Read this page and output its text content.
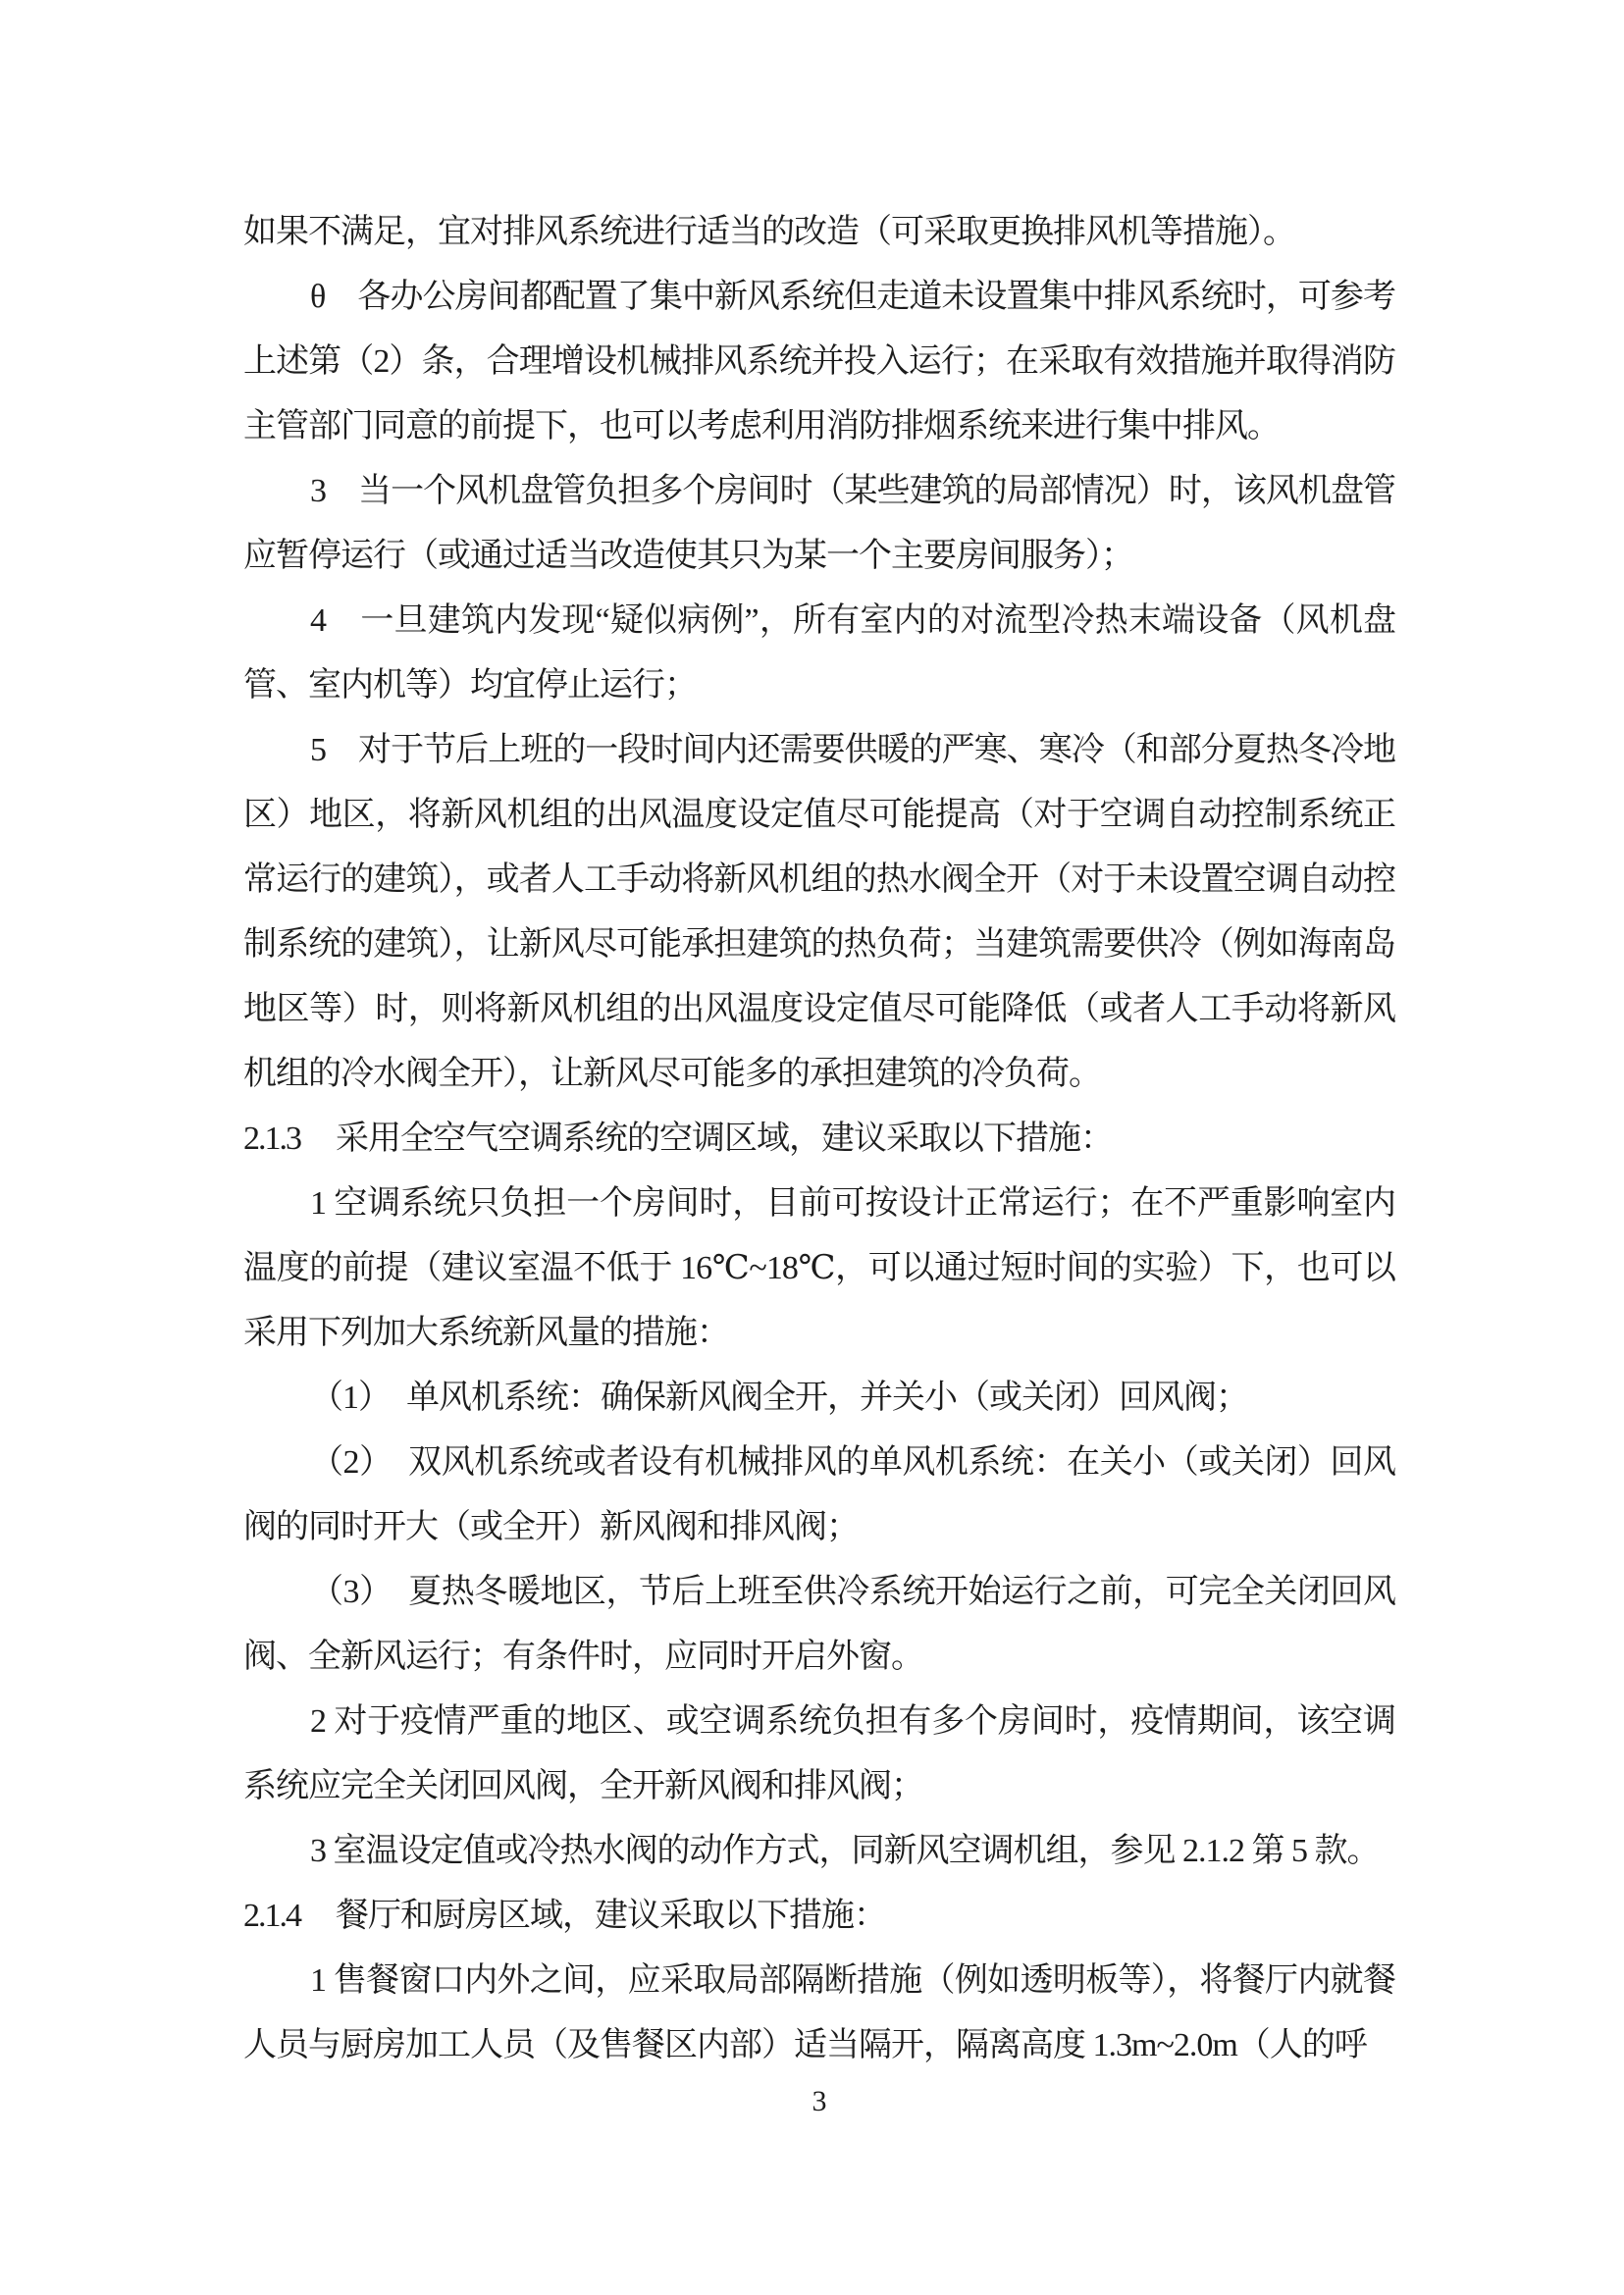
如果不满足，宜对排风系统进行适当的改造（可采取更换排风机等措施）。

θ　各办公房间都配置了集中新风系统但走道未设置集中排风系统时，可参考上述第（2）条，合理增设机械排风系统并投入运行；在采取有效措施并取得消防主管部门同意的前提下，也可以考虑利用消防排烟系统来进行集中排风。

3　当一个风机盘管负担多个房间时（某些建筑的局部情况）时，该风机盘管应暂停运行（或通过适当改造使其只为某一个主要房间服务）；

4　一旦建筑内发现“疑似病例”，所有室内的对流型冷热末端设备（风机盘管、室内机等）均宜停止运行；

5　对于节后上班的一段时间内还需要供暖的严寒、寒冷（和部分夏热冬冷地区）地区，将新风机组的出风温度设定值尽可能提高（对于空调自动控制系统正常运行的建筑），或者人工手动将新风机组的热水阀全开（对于未设置空调自动控制系统的建筑），让新风尽可能承担建筑的热负荷；当建筑需要供冷（例如海南岛地区等）时，则将新风机组的出风温度设定值尽可能降低（或者人工手动将新风机组的冷水阀全开），让新风尽可能多的承担建筑的冷负荷。

2.1.3 采用全空气空调系统的空调区域，建议采取以下措施：

1 空调系统只负担一个房间时，目前可按设计正常运行；在不严重影响室内温度的前提（建议室温不低于 16℃~18℃，可以通过短时间的实验）下，也可以采用下列加大系统新风量的措施：

（1）　单风机系统：确保新风阀全开，并关小（或关闭）回风阀；

（2）　双风机系统或者设有机械排风的单风机系统：在关小（或关闭）回风阀的同时开大（或全开）新风阀和排风阀；

（3）　夏热冬暖地区，节后上班至供冷系统开始运行之前，可完全关闭回风阀、全新风运行；有条件时，应同时开启外窗。

2 对于疫情严重的地区、或空调系统负担有多个房间时，疫情期间，该空调系统应完全关闭回风阀，全开新风阀和排风阀；

3 室温设定值或冷热水阀的动作方式，同新风空调机组，参见 2.1.2 第 5 款。

2.1.4 餐厅和厨房区域，建议采取以下措施：

1 售餐窗口内外之间，应采取局部隔断措施（例如透明板等），将餐厅内就餐人员与厨房加工人员（及售餐区内部）适当隔开，隔离高度 1.3m~2.0m（人的呼

3
